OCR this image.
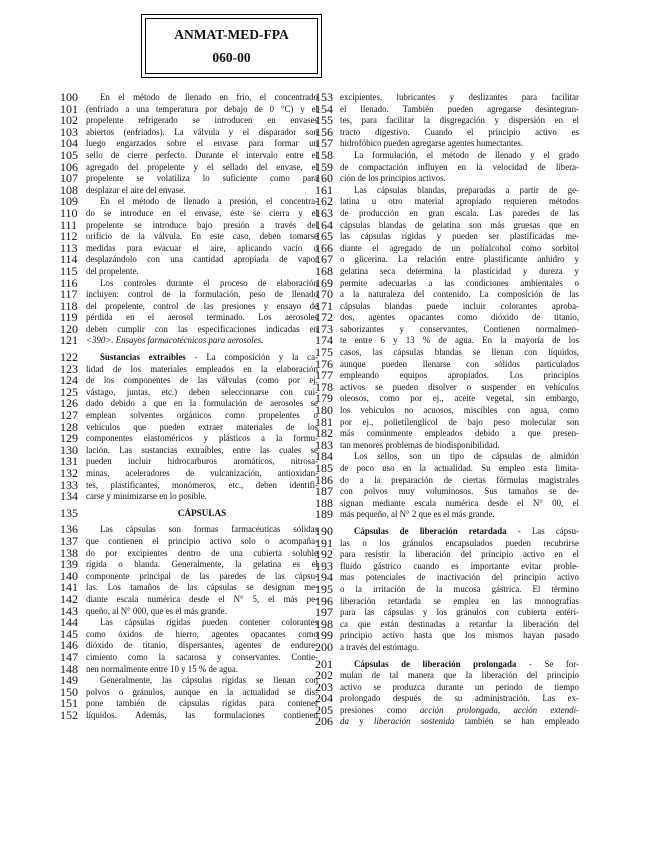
ANMAT-MED-FPA
060-00
100	En el método de llenado en frío, el concentrado
101 (enfriado a una temperatura por debajo de 0 °C) y el
102 propelente refrigerado se introducen en envases
103 abiertos (enfriados). La válvula y el disparador son
104 luego engarzados sobre el envase para formar un
105 sello de cierre perfecto. Durante el intervalo entre el
106 agregado del propelente y el sellado del envase, el
107 propelente se volatiliza lo suficiente como para
108 desplazar el aire del envase.
109	En el método de llenado a presión, el concentra-
110 do se introduce en el envase, éste se cierra y el
111 propelente se introduce bajo presión a través del
112 orificio de la válvula. En este caso, deben tomarse
113 medidas para evacuar el aire, aplicando vacío o
114 desplazándolo con una cantidad apropiada de vapor
115 del propelente.
116	Los controles durante el proceso de elaboración
117 incluyen: control de la formulación, peso de llenado
118 del propelente, control de las presiones y ensayo de
119 pérdida en el aerosol terminado. Los aerosoles
120 deben cumplir con las especificaciones indicadas en
121 <390>. Ensayos farmacotécnicos para aerosoles.
122	Sustancias extraíbles - La composición y la ca-
123 lidad de los materiales empleados en la elaboración
124 de los componentes de las válvulas (como por ej.
125 vástago, juntas, etc.) deben seleccionarse con cui-
126 dado debido a que en la formulación de aerosoles se
127 emplean solventes orgánicos como propelentes o
128 vehículos que pueden extraer materiales de los
129 componentes elastoméricos y plásticos a la formu-
130 lación. Las sustancias extraíbles, entre las cuales se
131 pueden incluir hidrocarburos aromáticos, nitrosa-
132 minas, aceleradores de vulcanización, antioxidan-
133 tes, plastificantes, monómeros, etc., deben identifi-
134 carse y minimizarse en lo posible.
135	CÁPSULAS
136	Las cápsulas son formas farmacéuticas sólidas
137 que contienen el principio activo solo o acompaña-
138 do por excipientes dentro de una cubierta soluble
139 rígida o blanda. Generalmente, la gelatina es el
140 componente principal de las paredes de las cápsu-
141 las. Los tamaños de las cápsulas se designan me-
142 diante escala numérica desde el N° 5, el más pe-
143 queño, al N° 000, que es el más grande.
144	Las cápsulas rígidas pueden contener colorantes
145 como óxidos de hierro, agentes opacantes como
146 dióxido de titanio, dispersantes, agentes de endure-
147 cimiento como la sacarosa y conservantes. Contie-
148 nen normalmente entre 10 y 15 % de agua.
149	Generalmente, las cápsulas rígidas se llenan con
150 polvos o gránulos, aunque en la actualidad se dis-
151 pone también de cápsulas rígidas para contener
152 líquidos. Además, las formulaciones contienen
153 excipientes, lubricantes y deslizantes para facilitar
154 el llenado. También pueden agregarse desintegran-
155 tes, para facilitar la disgregación y dispersión en el
156 tracto digestivo. Cuando el principio activo es
157 hidrofóbico pueden agregarse agentes humectantes.
158	La formulación, el método de llenado y el grado
159 de compactación influyen en la velocidad de libera-
160 ción de los principios activos.
161	Las cápsulas blandas, preparadas a partir de ge-
162 latina u otro material apropiado requieren métodos
163 de producción en gran escala. Las paredes de las
164 cápsulas blandas de gelatina son más gruesas que en
165 las cápsulas rígidas y pueden ser plastificadas me-
166 diante el agregado de un polialcohol como sorbitol
167 o glicerina. La relación entre plastificante anhidro y
168 gelatina seca determina la plasticidad y dureza y
169 permite adecuarlas a las condiciones ambientales o
170 a la naturaleza del contenido. La composición de las
171 cápsulas blandas puede incluir colorantes aproba-
172 dos, agentes opacantes como dióxido de titanio,
173 saborizantes y conservantes. Contienen normalmen-
174 te entre 6 y 13 % de agua. En la mayoría de los
175 casos, las cápsulas blandas se llenan con líquidos,
176 aunque pueden llenarse con sólidos particulados
177 empleando equipos apropiados. Los principios
178 activos se pueden disolver o suspender en vehículos
179 oleosos, como por ej., aceite vegetal, sin embargo,
180 los vehículos no acuosos, miscibles con agua, como
181 por ej., polietilenglicol de bajo peso molecular son
182 más comúnmente empleados debido a que presen-
183 tan menores problemas de biodisponibilidad.
184	Los sellos, son un tipo de cápsulas de almidón
185 de poco uso en la actualidad. Su empleo esta limita-
186 do a la preparación de ciertas fórmulas magistrales
187 con polvos muy voluminosos. Sus tamaños se de-
188 signan mediante escala numérica desde el N° 00, el
189 más pequeño, al N° 2 que es el más grande.
190	Cápsulas de liberación retardada - Las cápsu-
191 las o los gránulos encapsulados pueden recubrirse
192 para resistir la liberación del principio activo en el
193 fluido gástrico cuando es importante evitar proble-
194 mas potenciales de inactivación del principio activo
195 o la irritación de la mucosa gástrica. El término
196 liberación retardada se emplea en las monografías
197 para las cápsulas y los gránulos con cubierta entéri-
198 ca que están destinadas a retardar la liberación del
199 principio activo hasta que los mismos hayan pasado
200 a través del estómago.
201	Cápsulas de liberación prolongada - Se for-
202 mulan de tal manera que la liberación del principio
203 activo se produzca durante un período de tiempo
204 prolongado después de su administración. Las ex-
205 presiones como acción prolongada, acción extendi-
206 da y liberación sostenida también se han empleado
